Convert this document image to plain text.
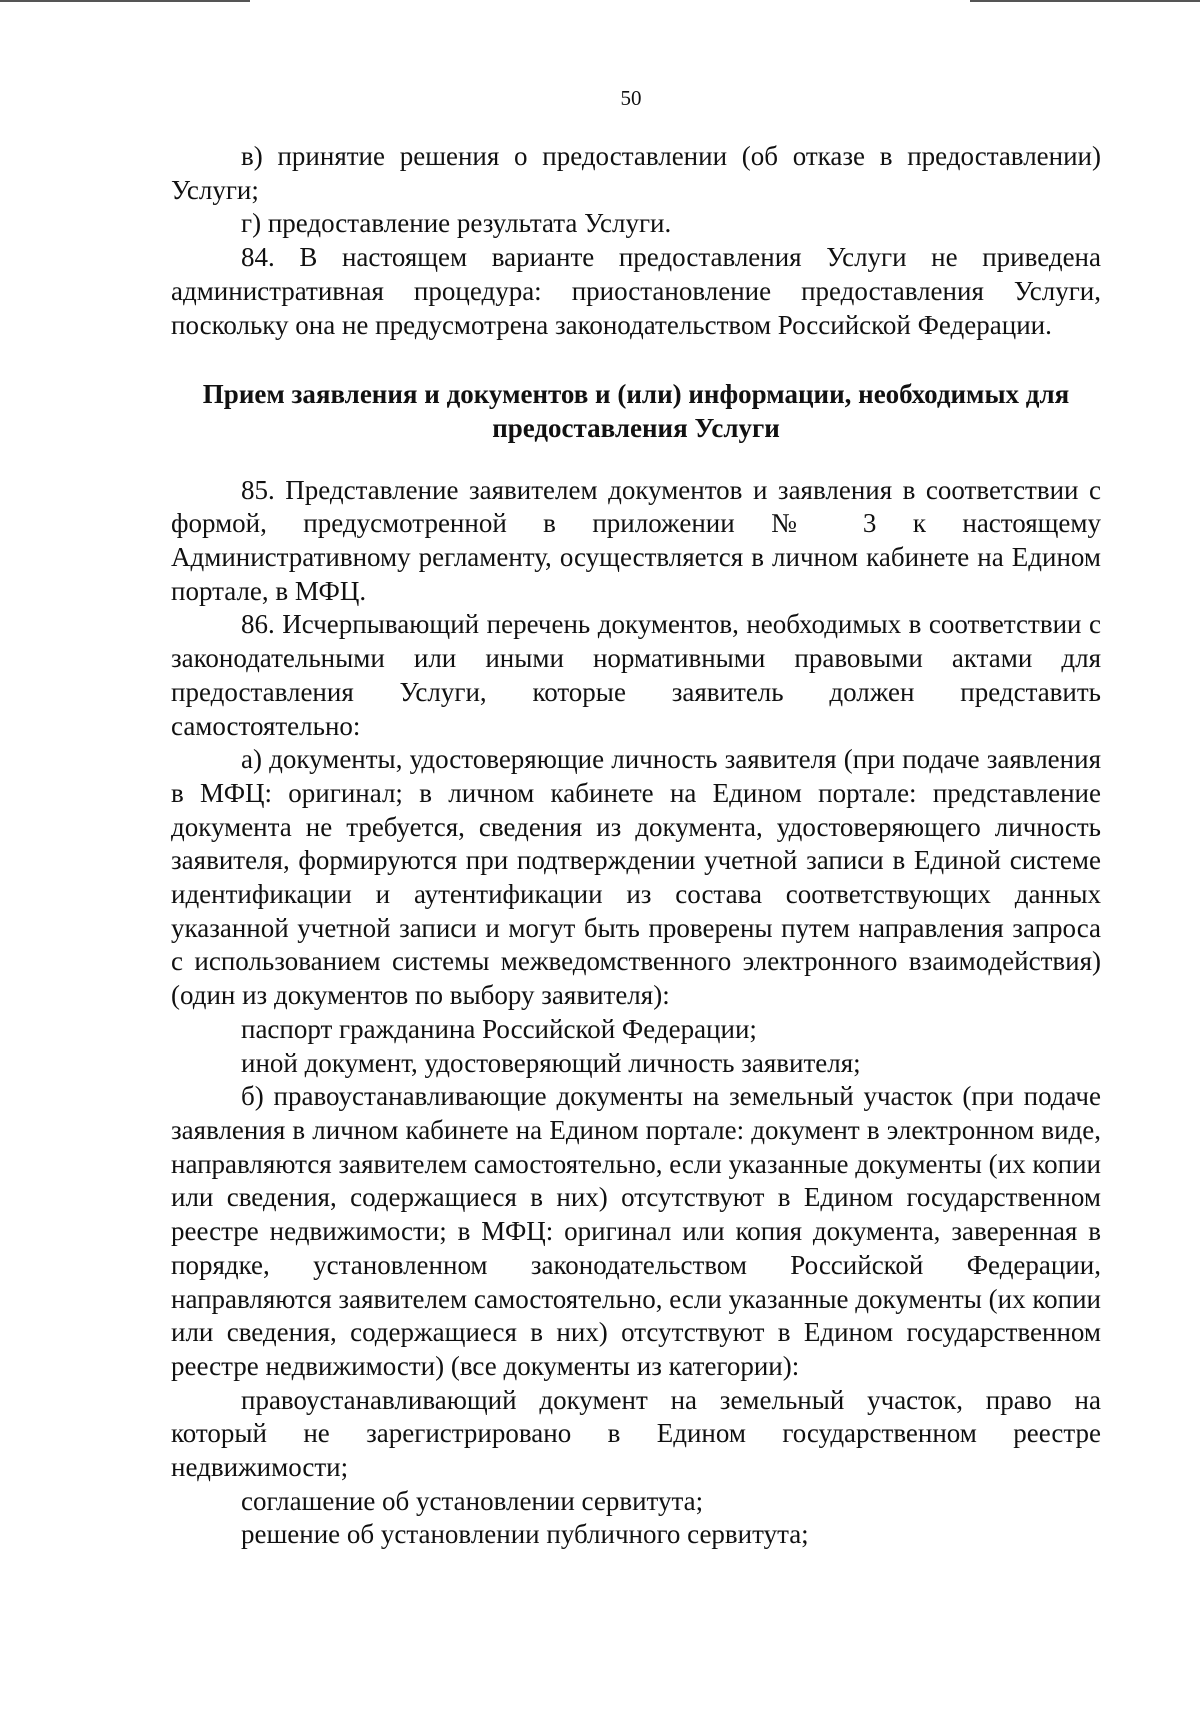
50

в) принятие решения о предоставлении (об отказе в предоставлении) Услуги;

г) предоставление результата Услуги.

84. В настоящем варианте предоставления Услуги не приведена административная процедура: приостановление предоставления Услуги, поскольку она не предусмотрена законодательством Российской Федерации.

Прием заявления и документов и (или) информации, необходимых для
предоставления Услуги

85. Представление заявителем документов и заявления в соответствии с формой, предусмотренной в приложении № 3 к настоящему Административному регламенту, осуществляется в личном кабинете на Едином портале, в МФЦ.

86. Исчерпывающий перечень документов, необходимых в соответствии с законодательными или иными нормативными правовыми актами для предоставления Услуги, которые заявитель должен представить самостоятельно:

а) документы, удостоверяющие личность заявителя (при подаче заявления в МФЦ: оригинал; в личном кабинете на Едином портале: представление документа не требуется, сведения из документа, удостоверяющего личность заявителя, формируются при подтверждении учетной записи в Единой системе идентификации и аутентификации из состава соответствующих данных указанной учетной записи и могут быть проверены путем направления запроса с использованием системы межведомственного электронного взаимодействия) (один из документов по выбору заявителя):

паспорт гражданина Российской Федерации;

иной документ, удостоверяющий личность заявителя;

б) правоустанавливающие документы на земельный участок (при подаче заявления в личном кабинете на Едином портале: документ в электронном виде, направляются заявителем самостоятельно, если указанные документы (их копии или сведения, содержащиеся в них) отсутствуют в Едином государственном реестре недвижимости; в МФЦ: оригинал или копия документа, заверенная в порядке, установленном законодательством Российской Федерации, направляются заявителем самостоятельно, если указанные документы (их копии или сведения, содержащиеся в них) отсутствуют в Едином государственном реестре недвижимости) (все документы из категории):

правоустанавливающий документ на земельный участок, право на который не зарегистрировано в Едином государственном реестре недвижимости;

соглашение об установлении сервитута;

решение об установлении публичного сервитута;
